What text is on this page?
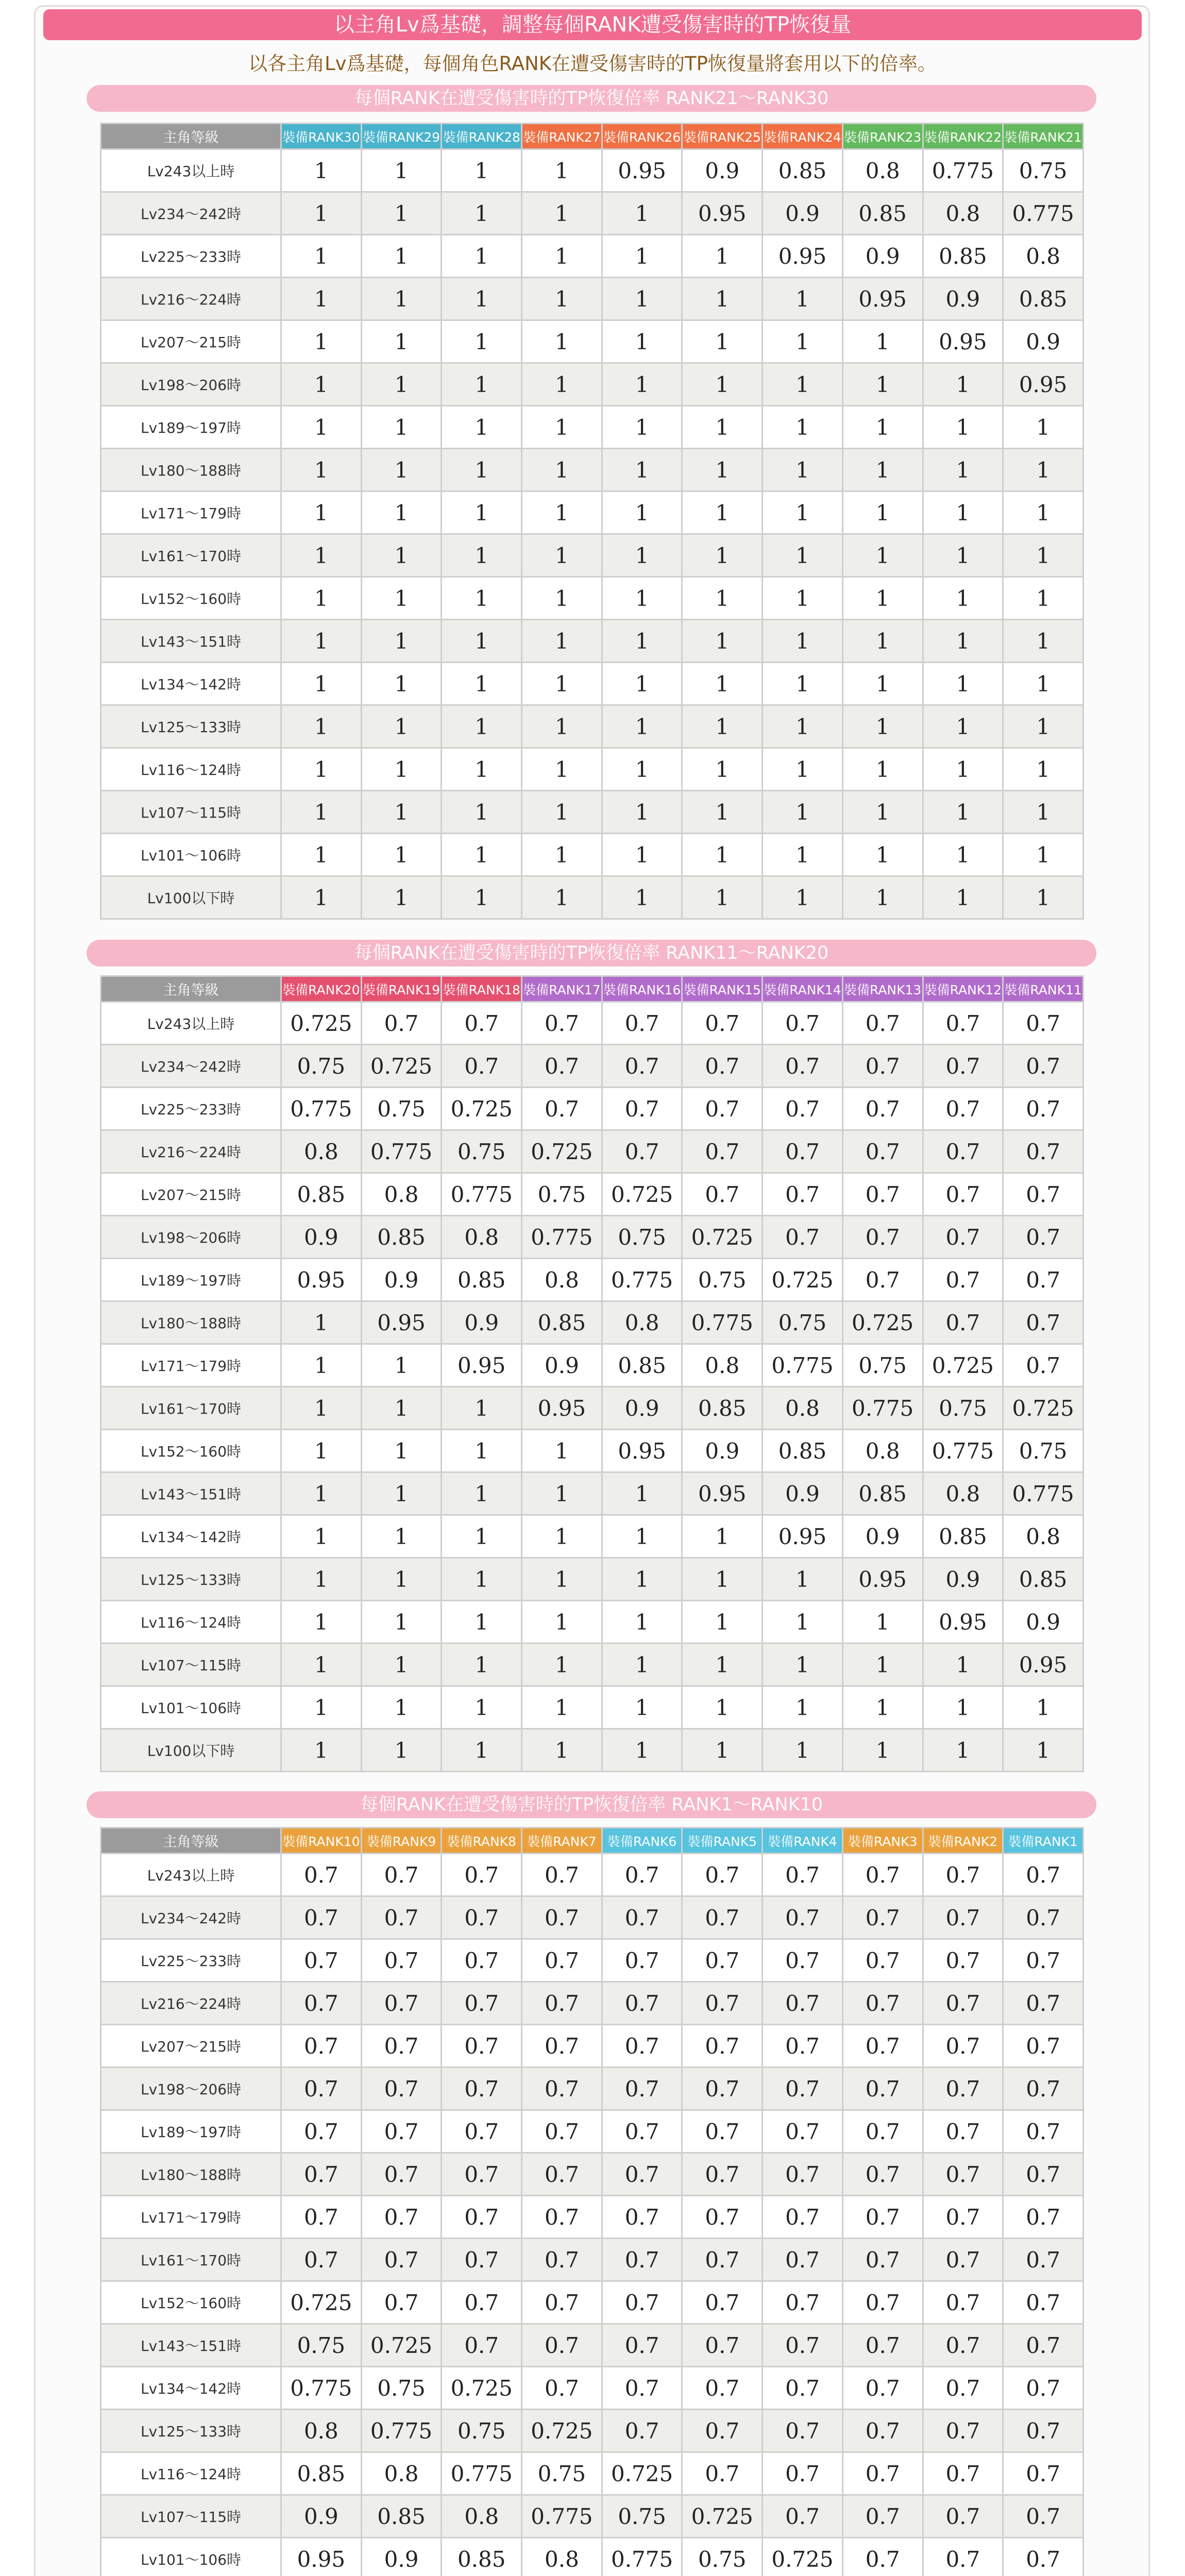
以主角Lv爲基礎，調整每個RANK遭受傷害時的TP恢復量
以各主角Lv爲基礎，每個角色RANK在遭受傷害時的TP恢復量將套用以下的倍率。
每個RANK在遭受傷害時的TP恢復倍率 RANK21～RANK30
主角等級	裝備RANK30	裝備RANK29	裝備RANK28	裝備RANK27	裝備RANK26	裝備RANK25	裝備RANK24	裝備RANK23	裝備RANK22	裝備RANK21
Lv243以上時	1	1	1	1	0.95	0.9	0.85	0.8	0.775	0.75
Lv234～242時	1	1	1	1	1	0.95	0.9	0.85	0.8	0.775
Lv225～233時	1	1	1	1	1	1	0.95	0.9	0.85	0.8
Lv216～224時	1	1	1	1	1	1	1	0.95	0.9	0.85
Lv207～215時	1	1	1	1	1	1	1	1	0.95	0.9
Lv198～206時	1	1	1	1	1	1	1	1	1	0.95
Lv189～197時	1	1	1	1	1	1	1	1	1	1
Lv180～188時	1	1	1	1	1	1	1	1	1	1
Lv171～179時	1	1	1	1	1	1	1	1	1	1
Lv161～170時	1	1	1	1	1	1	1	1	1	1
Lv152～160時	1	1	1	1	1	1	1	1	1	1
Lv143～151時	1	1	1	1	1	1	1	1	1	1
Lv134～142時	1	1	1	1	1	1	1	1	1	1
Lv125～133時	1	1	1	1	1	1	1	1	1	1
Lv116～124時	1	1	1	1	1	1	1	1	1	1
Lv107～115時	1	1	1	1	1	1	1	1	1	1
Lv101～106時	1	1	1	1	1	1	1	1	1	1
Lv100以下時	1	1	1	1	1	1	1	1	1	1
每個RANK在遭受傷害時的TP恢復倍率 RANK11～RANK20
主角等級	裝備RANK20	裝備RANK19	裝備RANK18	裝備RANK17	裝備RANK16	裝備RANK15	裝備RANK14	裝備RANK13	裝備RANK12	裝備RANK11
Lv243以上時	0.725	0.7	0.7	0.7	0.7	0.7	0.7	0.7	0.7	0.7
Lv234～242時	0.75	0.725	0.7	0.7	0.7	0.7	0.7	0.7	0.7	0.7
Lv225～233時	0.775	0.75	0.725	0.7	0.7	0.7	0.7	0.7	0.7	0.7
Lv216～224時	0.8	0.775	0.75	0.725	0.7	0.7	0.7	0.7	0.7	0.7
Lv207～215時	0.85	0.8	0.775	0.75	0.725	0.7	0.7	0.7	0.7	0.7
Lv198～206時	0.9	0.85	0.8	0.775	0.75	0.725	0.7	0.7	0.7	0.7
Lv189～197時	0.95	0.9	0.85	0.8	0.775	0.75	0.725	0.7	0.7	0.7
Lv180～188時	1	0.95	0.9	0.85	0.8	0.775	0.75	0.725	0.7	0.7
Lv171～179時	1	1	0.95	0.9	0.85	0.8	0.775	0.75	0.725	0.7
Lv161～170時	1	1	1	0.95	0.9	0.85	0.8	0.775	0.75	0.725
Lv152～160時	1	1	1	1	0.95	0.9	0.85	0.8	0.775	0.75
Lv143～151時	1	1	1	1	1	0.95	0.9	0.85	0.8	0.775
Lv134～142時	1	1	1	1	1	1	0.95	0.9	0.85	0.8
Lv125～133時	1	1	1	1	1	1	1	0.95	0.9	0.85
Lv116～124時	1	1	1	1	1	1	1	1	0.95	0.9
Lv107～115時	1	1	1	1	1	1	1	1	1	0.95
Lv101～106時	1	1	1	1	1	1	1	1	1	1
Lv100以下時	1	1	1	1	1	1	1	1	1	1
每個RANK在遭受傷害時的TP恢復倍率 RANK1～RANK10
主角等級	裝備RANK10	裝備RANK9	裝備RANK8	裝備RANK7	裝備RANK6	裝備RANK5	裝備RANK4	裝備RANK3	裝備RANK2	裝備RANK1
Lv243以上時	0.7	0.7	0.7	0.7	0.7	0.7	0.7	0.7	0.7	0.7
Lv234～242時	0.7	0.7	0.7	0.7	0.7	0.7	0.7	0.7	0.7	0.7
Lv225～233時	0.7	0.7	0.7	0.7	0.7	0.7	0.7	0.7	0.7	0.7
Lv216～224時	0.7	0.7	0.7	0.7	0.7	0.7	0.7	0.7	0.7	0.7
Lv207～215時	0.7	0.7	0.7	0.7	0.7	0.7	0.7	0.7	0.7	0.7
Lv198～206時	0.7	0.7	0.7	0.7	0.7	0.7	0.7	0.7	0.7	0.7
Lv189～197時	0.7	0.7	0.7	0.7	0.7	0.7	0.7	0.7	0.7	0.7
Lv180～188時	0.7	0.7	0.7	0.7	0.7	0.7	0.7	0.7	0.7	0.7
Lv171～179時	0.7	0.7	0.7	0.7	0.7	0.7	0.7	0.7	0.7	0.7
Lv161～170時	0.7	0.7	0.7	0.7	0.7	0.7	0.7	0.7	0.7	0.7
Lv152～160時	0.725	0.7	0.7	0.7	0.7	0.7	0.7	0.7	0.7	0.7
Lv143～151時	0.75	0.725	0.7	0.7	0.7	0.7	0.7	0.7	0.7	0.7
Lv134～142時	0.775	0.75	0.725	0.7	0.7	0.7	0.7	0.7	0.7	0.7
Lv125～133時	0.8	0.775	0.75	0.725	0.7	0.7	0.7	0.7	0.7	0.7
Lv116～124時	0.85	0.8	0.775	0.75	0.725	0.7	0.7	0.7	0.7	0.7
Lv107～115時	0.9	0.85	0.8	0.775	0.75	0.725	0.7	0.7	0.7	0.7
Lv101～106時	0.95	0.9	0.85	0.8	0.775	0.75	0.725	0.7	0.7	0.7
